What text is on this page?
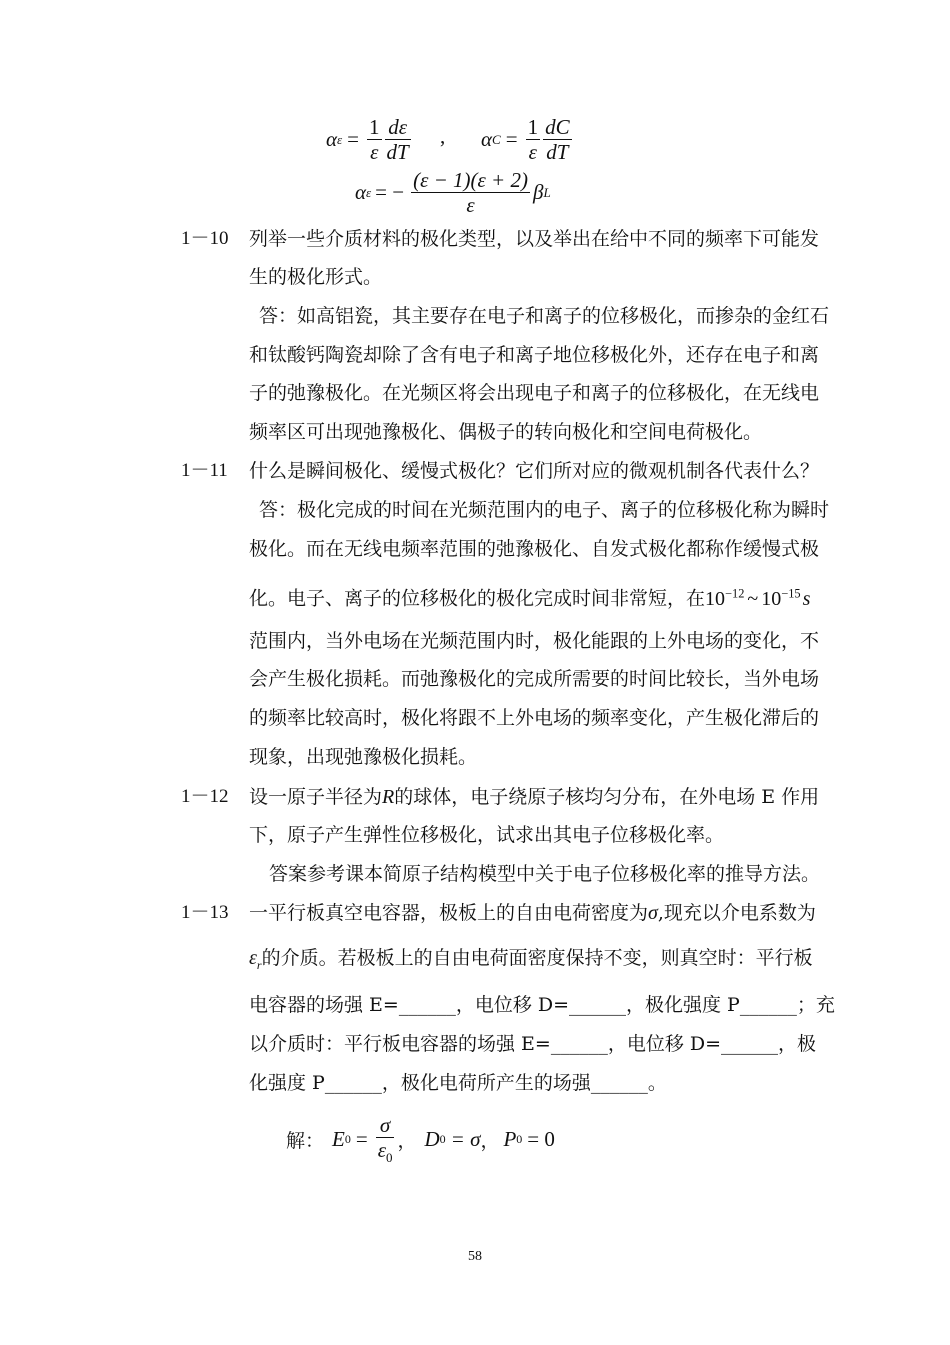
α $\varepsilon = \frac{1}{\varepsilon} \frac{d\varepsilon}{dT}$ , α $C = \frac{1}{\varepsilon} \frac{dC}{dT}$
α ε = − $\frac{(\varepsilon - 1)(\varepsilon + 2)}{\varepsilon}$ β L
1－10 列举一些介质材料的极化类型，以及举出在给中不同的频率下可能发
生的极化形式。
答：如高铝瓷，其主要存在电子和离子的位移极化，而掺杂的金红石
和钛酸钙陶瓷却除了含有电子和离子地位移极化外，还存在电子和离
子的弛豫极化。在光频区将会出现电子和离子的位移极化，在无线电
频率区可出现弛豫极化、偶极子的转向极化和空间电荷极化。
1－11 什么是瞬间极化、缓慢式极化？它们所对应的微观机制各代表什么？
答：极化完成的时间在光频范围内的电子、离子的位移极化称为瞬时
极化。而在无线电频率范围的弛豫极化、自发式极化都称作缓慢式极
化。电子、离子的位移极化的极化完成时间非常短，在$10^{-12}$ ~ $10^{-15}$ s
范围内，当外电场在光频范围内时，极化能跟的上外电场的变化，不
会产生极化损耗。而弛豫极化的完成所需要的时间比较长，当外电场
的频率比较高时，极化将跟不上外电场的频率变化，产生极化滞后的
现象，出现弛豫极化损耗。
1－12 设一原子半径为R的球体，电子绕原子核均匀分布，在外电场 E 作用
下，原子产生弹性位移极化，试求出其电子位移极化率。
答案参考课本简原子结构模型中关于电子位移极化率的推导方法。
1－13 一平行板真空电容器，极板上的自由电荷密度为σ,现充以介电系数为
$\varepsilon_r$的介质。若极板上的自由电荷面密度保持不变，则真空时：平行板
电容器的场强 E=______，电位移 D=______，极化强度 P______；充
以介质时：平行板电容器的场强 E=______，电位移 D=______，极
化强度 P______，极化电荷所产生的场强______。
解： E $0 = \frac{\sigma}{\varepsilon_0}$ ， D 0 = σ ， P 0 = 0
58
